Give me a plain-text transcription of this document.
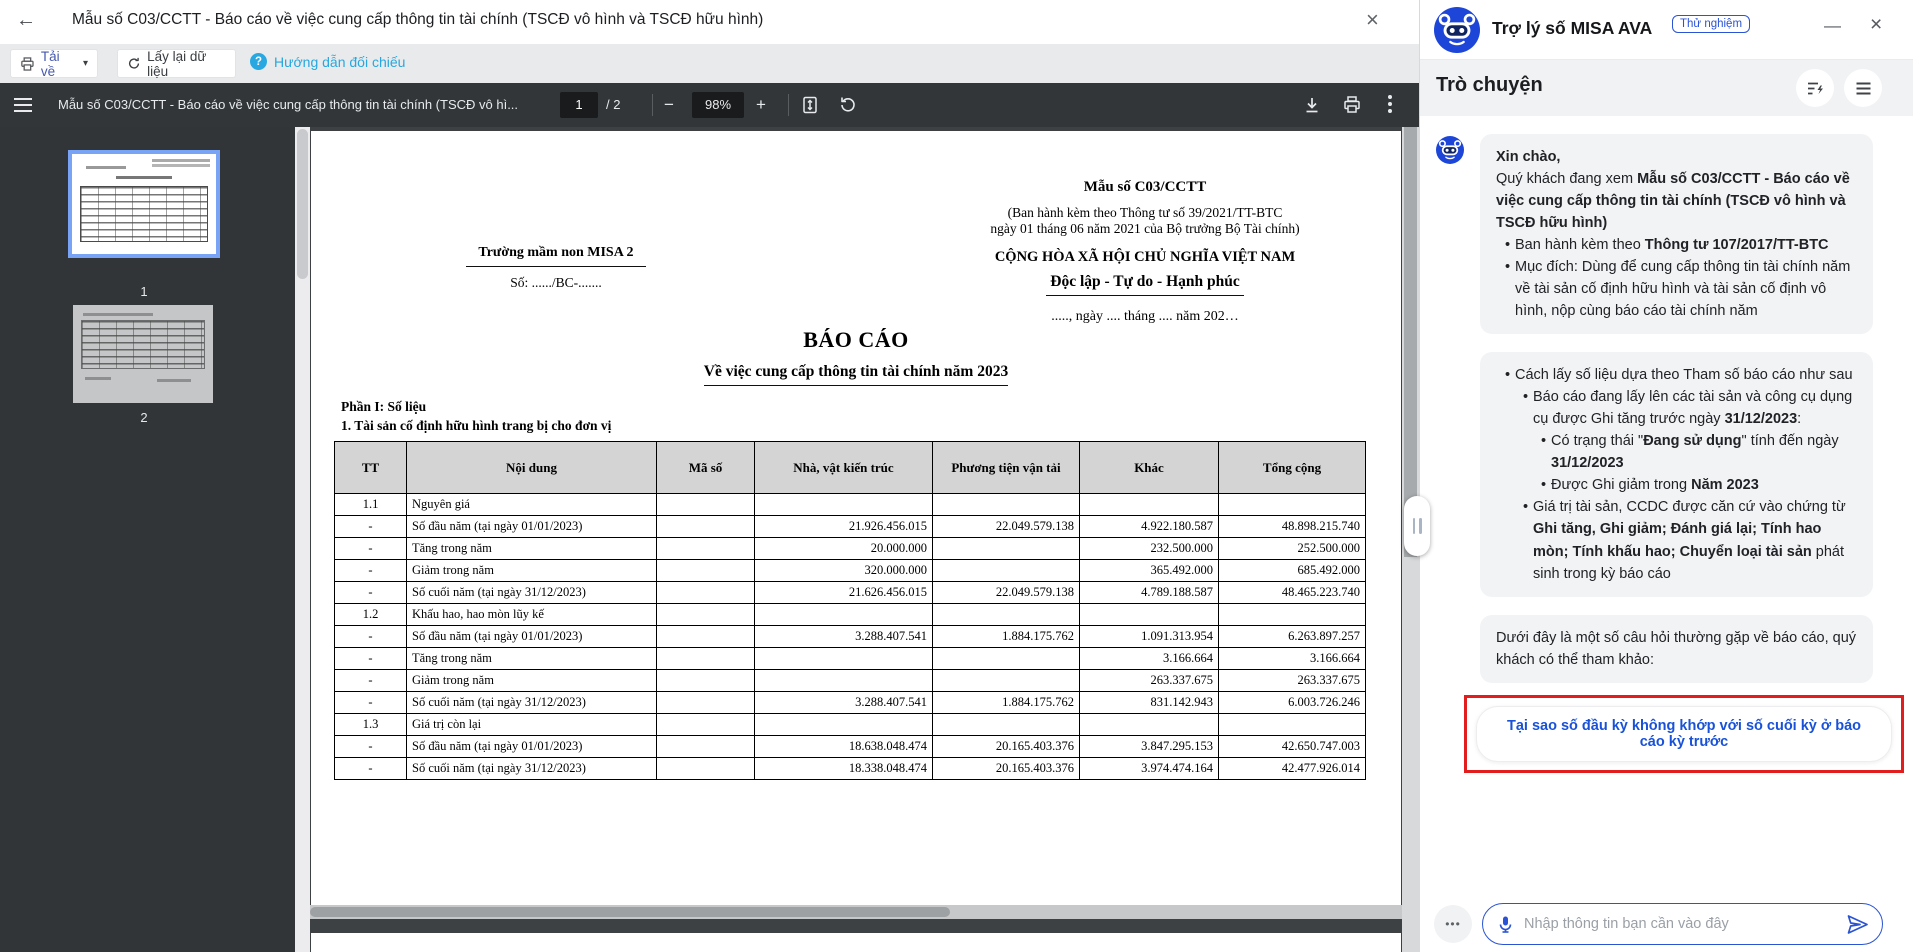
← Mẫu số C03/CCTT - Báo cáo về việc cung cấp thông tin tài chính (TSCĐ vô hình và TSCĐ hữu hình)	×
Tải về	▾	Lấy lại dữ liệu
? Hướng dẫn đối chiếu
Mẫu số C03/CCTT - Báo cáo về việc cung cấp thông tin tài chính (TSCĐ vô hì...	1	/ 2	−	98%	+
1
2
Trường mầm non MISA 2
Số: ....../BC-.......
Mẫu số C03/CCTT
(Ban hành kèm theo Thông tư số 39/2021/TT-BTC
ngày 01 tháng 06 năm 2021 của Bộ trưởng Bộ Tài chính)
CỘNG HÒA XÃ HỘI CHỦ NGHĨA VIỆT NAM
Độc lập - Tự do - Hạnh phúc
....., ngày .... tháng .... năm 202…
BÁO CÁO
Về việc cung cấp thông tin tài chính năm 2023
Phần I: Số liệu
1. Tài sản cố định hữu hình trang bị cho đơn vị
TT	Nội dung	Mã số	Nhà, vật kiến trúc	Phương tiện vận tải	Khác	Tổng cộng
1.1	Nguyên giá					
-	Số đầu năm (tại ngày 01/01/2023)		21.926.456.015	22.049.579.138	4.922.180.587	48.898.215.740
-	Tăng trong năm		20.000.000		232.500.000	252.500.000
-	Giảm trong năm		320.000.000		365.492.000	685.492.000
-	Số cuối năm (tại ngày 31/12/2023)		21.626.456.015	22.049.579.138	4.789.188.587	48.465.223.740
1.2	Khấu hao, hao mòn lũy kế					
-	Số đầu năm (tại ngày 01/01/2023)		3.288.407.541	1.884.175.762	1.091.313.954	6.263.897.257
-	Tăng trong năm				3.166.664	3.166.664
-	Giảm trong năm				263.337.675	263.337.675
-	Số cuối năm (tại ngày 31/12/2023)		3.288.407.541	1.884.175.762	831.142.943	6.003.726.246
1.3	Giá trị còn lại					
-	Số đầu năm (tại ngày 01/01/2023)		18.638.048.474	20.165.403.376	3.847.295.153	42.650.747.003
-	Số cuối năm (tại ngày 31/12/2023)		18.338.048.474	20.165.403.376	3.974.474.164	42.477.926.014
Trợ lý số MISA AVA	Thử nghiệm	— ×
Trò chuyện
Xin chào,
Quý khách đang xem Mẫu số C03/CCTT - Báo cáo về việc cung cấp thông tin tài chính (TSCĐ vô hình và TSCĐ hữu hình)
• Ban hành kèm theo Thông tư 107/2017/TT-BTC
• Mục đích: Dùng để cung cấp thông tin tài chính năm về tài sản cố định hữu hình và tài sản cố định vô hình, nộp cùng báo cáo tài chính năm
• Cách lấy số liệu dựa theo Tham số báo cáo như sau
• Báo cáo đang lấy lên các tài sản và công cụ dụng cụ được Ghi tăng trước ngày 31/12/2023:
• Có trạng thái "Đang sử dụng" tính đến ngày 31/12/2023
• Được Ghi giảm trong Năm 2023
• Giá trị tài sản, CCDC được căn cứ vào chứng từ Ghi tăng, Ghi giảm; Đánh giá lại; Tính hao mòn; Tính khấu hao; Chuyển loại tài sản phát sinh trong kỳ báo cáo
Dưới đây là một số câu hỏi thường gặp về báo cáo, quý khách có thể tham khảo:
Tại sao số đầu kỳ không khớp với số cuối kỳ ở báo cáo kỳ trước
•••
Nhập thông tin bạn cần vào đây
